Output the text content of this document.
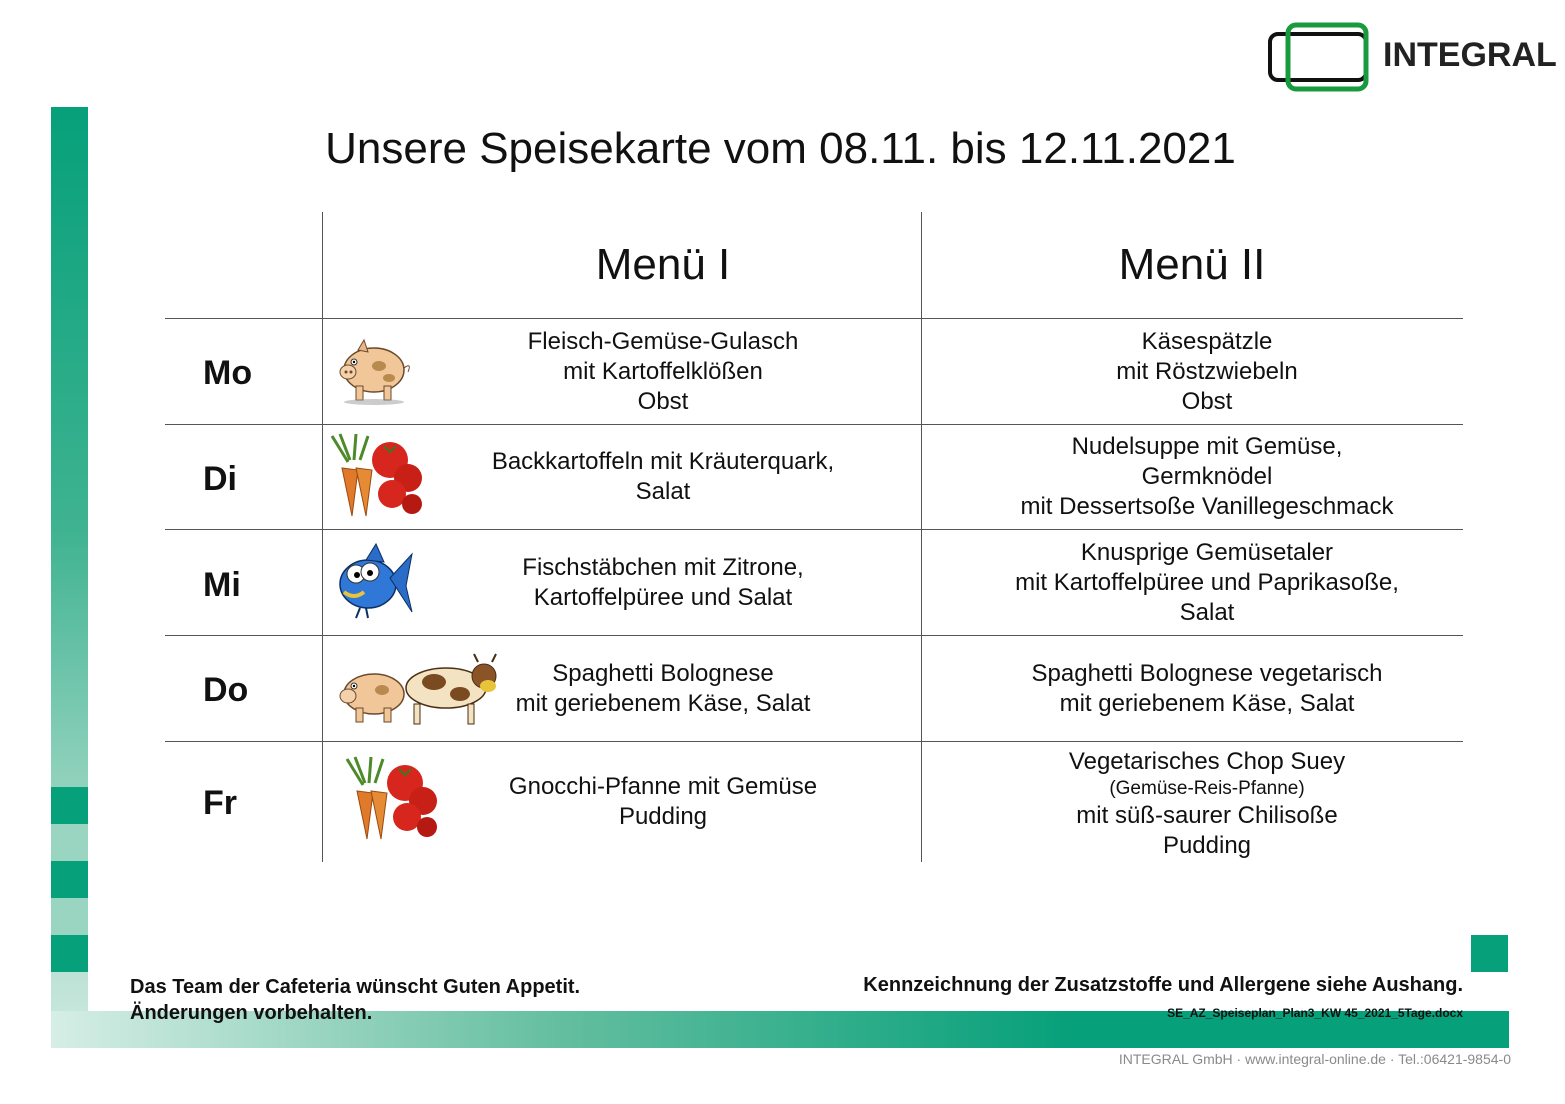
INTEGRAL
Unsere Speisekarte vom 08.11. bis 12.11.2021
Menü I	Menü II
Mo
Di
Mi
Do
Fr
Fleisch-Gemüse-Gulasch
mit Kartoffelklößen
Obst
Backkartoffeln mit Kräuterquark,
Salat
Fischstäbchen mit Zitrone,
Kartoffelpüree und Salat
Spaghetti Bolognese
mit geriebenem Käse, Salat
Gnocchi-Pfanne mit Gemüse
Pudding
Käsespätzle
mit Röstzwiebeln
Obst
Nudelsuppe mit Gemüse,
Germknödel
mit Dessertsoße Vanillegeschmack
Knusprige Gemüsetaler
mit Kartoffelpüree und Paprikasoße,
Salat
Spaghetti Bolognese vegetarisch
mit geriebenem Käse, Salat
Vegetarisches Chop Suey
(Gemüse-Reis-Pfanne)
mit süß-saurer Chilisoße
Pudding
Das Team der Cafeteria wünscht Guten Appetit.
Änderungen vorbehalten.
Kennzeichnung der Zusatzstoffe und Allergene siehe Aushang.
SE_AZ_Speiseplan_Plan3_KW 45_2021_5Tage.docx
INTEGRAL GmbH · www.integral-online.de · Tel.:06421-9854-0
